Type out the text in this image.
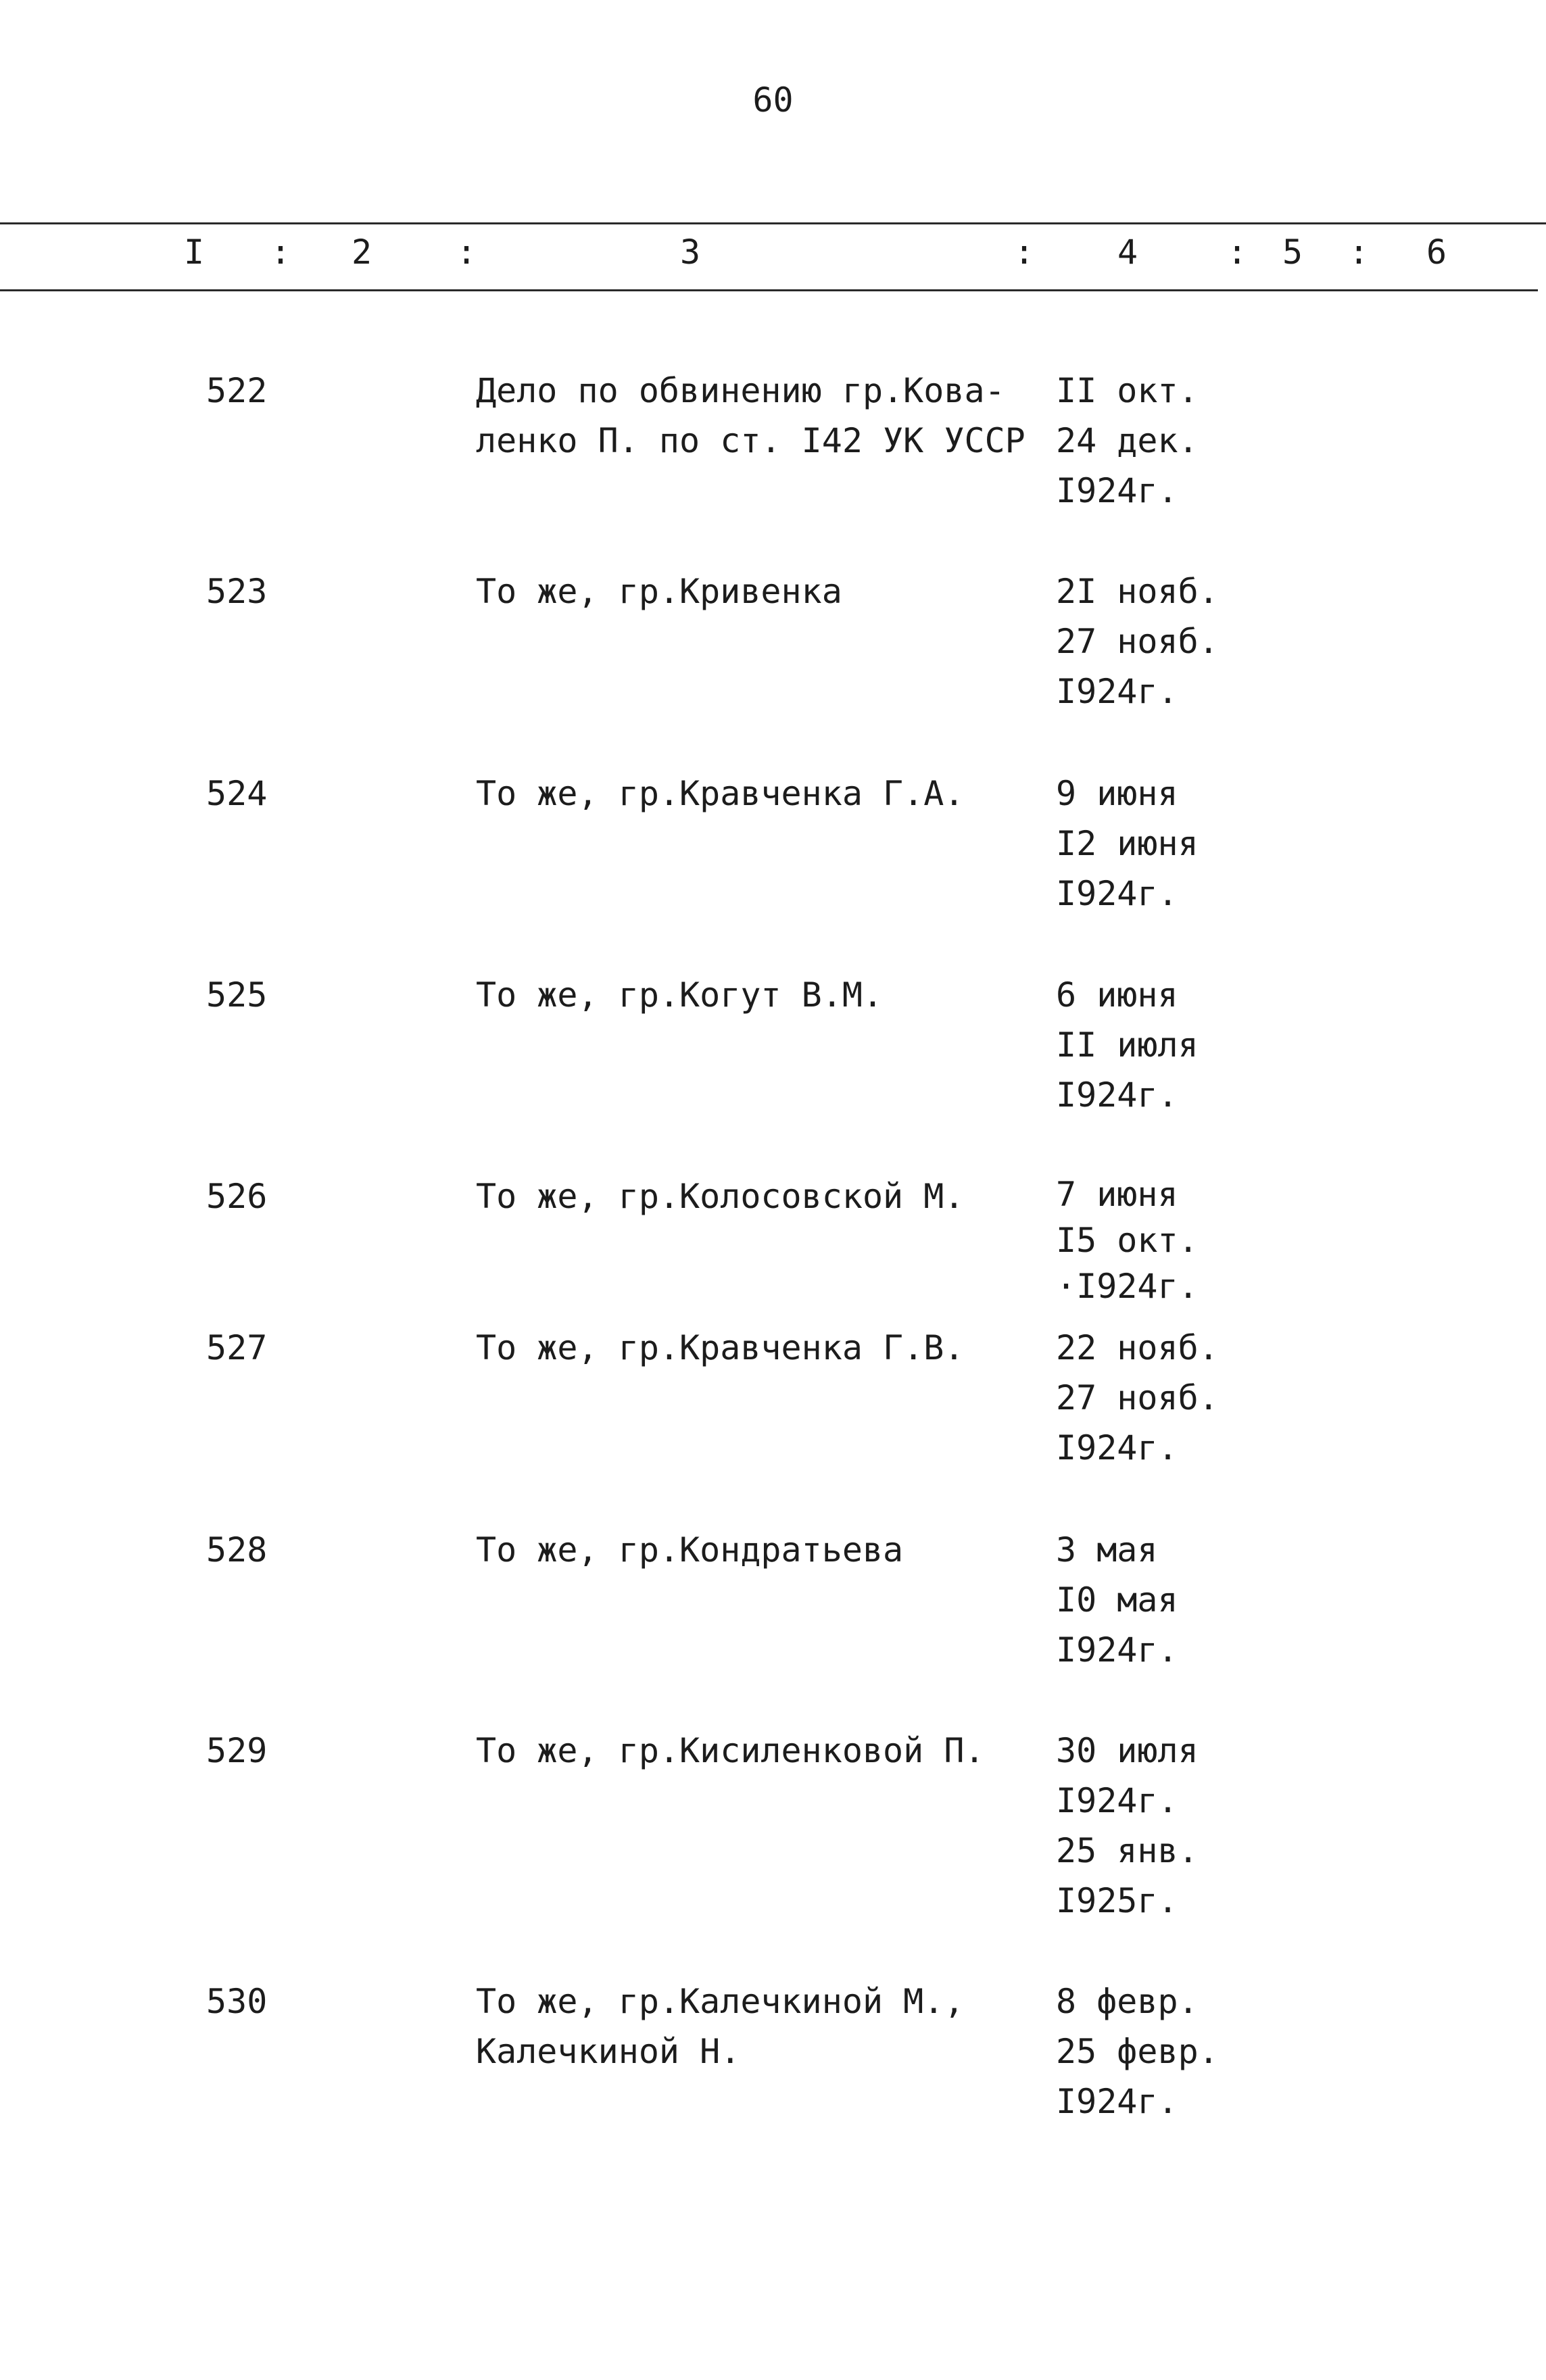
60
I : 2 :	3	: 4	: 5 : 6
522	Дело по обвинению гр.Кова-
ленко П. по ст. I42 УК УССР
II окт.
24 дек.
I924г.
523	То же, гр.Кривенка	2I нояб.
27 нояб.
I924г.
524	То же, гр.Кравченка Г.А.	9 июня
I2 июня
I924г.
525	То же, гр.Когут В.М.	6 июня
II июля
I924г.
526	То же, гр.Колосовской М.	7 июня
I5 окт.
·I924г.
527	То же, гр.Кравченка Г.В.	22 нояб.
27 нояб.
I924г.
528	То же, гр.Кондратьева	3 мая
I0 мая
I924г.
529	То же, гр.Кисиленковой П.	30 июля
I924г.
25 янв.
I925г.
530	То же, гр.Калечкиной М.,
Калечкиной Н.
8 февр.
25 февр.
I924г.
